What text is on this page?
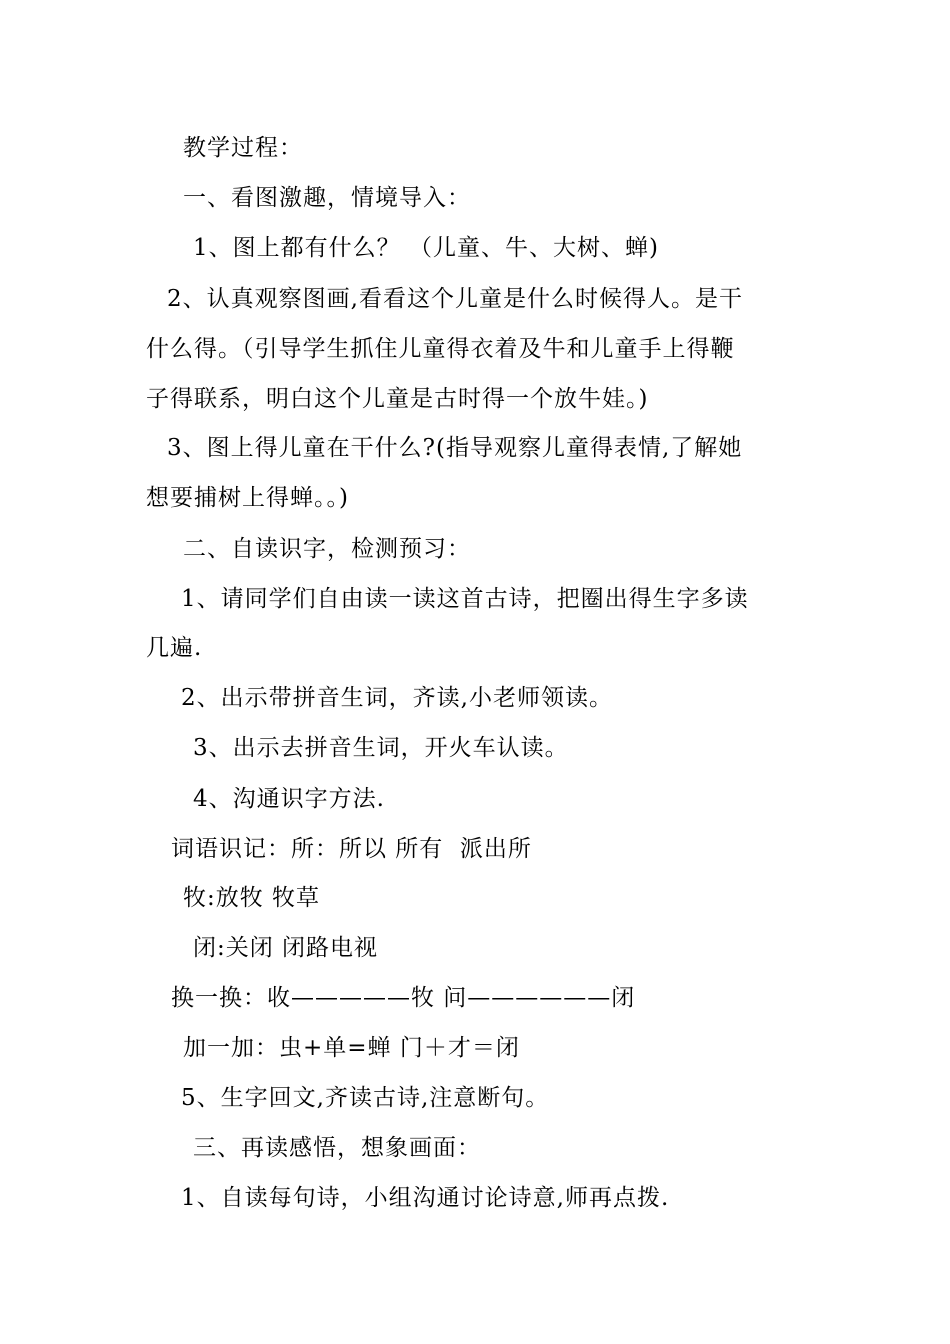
教学过程：
一、看图激趣，情境导入：
1、图上都有什么？ （儿童、牛、大树、蝉)
2、认真观察图画,看看这个儿童是什么时候得人。是干
什么得。（引导学生抓住儿童得衣着及牛和儿童手上得鞭
子得联系，明白这个儿童是古时得一个放牛娃。)
3、图上得儿童在干什么?(指导观察儿童得表情,了解她
想要捕树上得蝉。。)
二、自读识字，检测预习：
1、请同学们自由读一读这首古诗，把圈出得生字多读
几遍.
2、出示带拼音生词，齐读,小老师领读。
3、出示去拼音生词，开火车认读。
4、沟通识字方法.
词语识记：所：所以 所有  派出所
牧:放牧 牧草
闭:关闭 闭路电视
换一换：收—————牧 问——————闭
加一加：虫+单=蝉 门＋才＝闭
5、生字回文,齐读古诗,注意断句。
三、再读感悟，想象画面：
1、自读每句诗，小组沟通讨论诗意,师再点拨.
